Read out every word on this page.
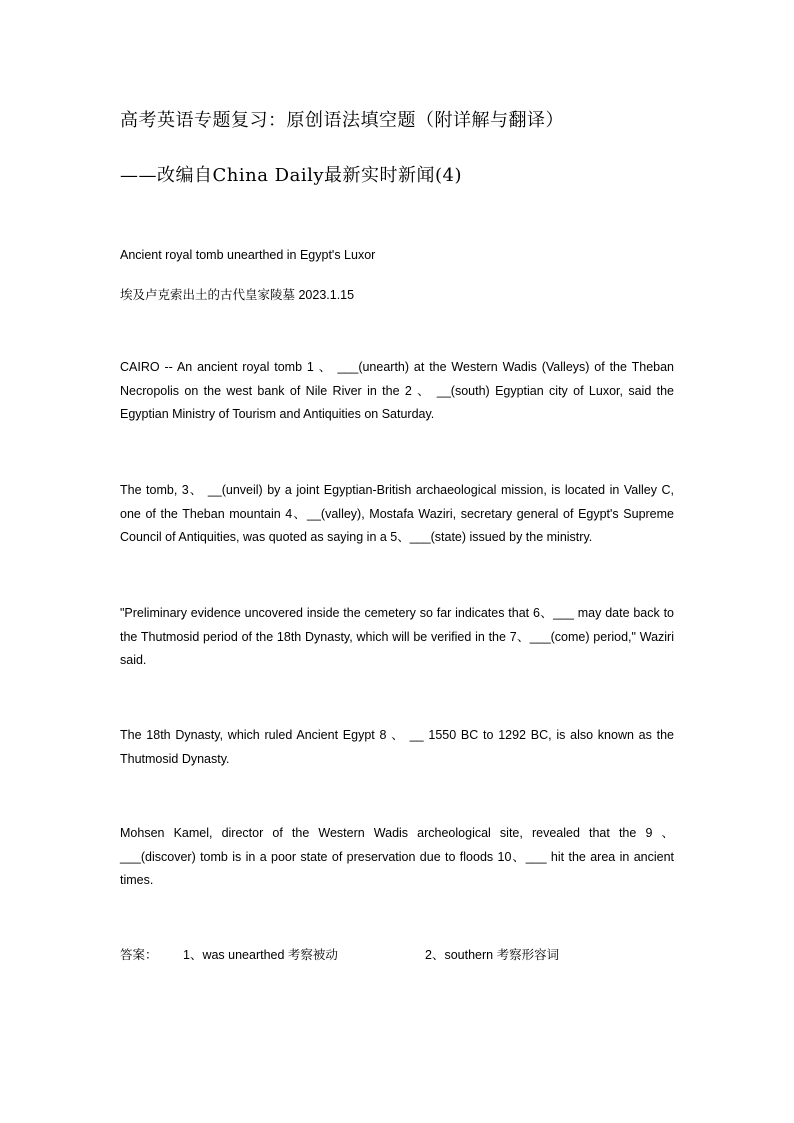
高考英语专题复习：原创语法填空题（附详解与翻译）
——改编自China Daily最新实时新闻(4)
Ancient royal tomb unearthed in Egypt's Luxor
埃及卢克索出土的古代皇家陵墓 2023.1.15
CAIRO -- An ancient royal tomb 1 、 ___(unearth) at the Western Wadis (Valleys) of the Theban Necropolis on the west bank of Nile River in the 2 、 __(south) Egyptian city of Luxor, said the Egyptian Ministry of Tourism and Antiquities on Saturday.
The tomb, 3、 __(unveil) by a joint Egyptian-British archaeological mission, is located in Valley C, one of the Theban mountain 4、__(valley), Mostafa Waziri, secretary general of Egypt's Supreme Council of Antiquities, was quoted as saying in a 5、___(state) issued by the ministry.
"Preliminary evidence uncovered inside the cemetery so far indicates that 6、___ may date back to the Thutmosid period of the 18th Dynasty, which will be verified in the 7、___(come) period," Waziri said.
The 18th Dynasty, which ruled Ancient Egypt 8 、 __ 1550 BC to 1292 BC, is also known as the Thutmosid Dynasty.
Mohsen Kamel, director of the Western Wadis archeological site, revealed that the 9 、 ___(discover) tomb is in a poor state of preservation due to floods 10、___ hit the area in ancient times.
答案： 1、was unearthed 考察被动	2、southern 考察形容词
